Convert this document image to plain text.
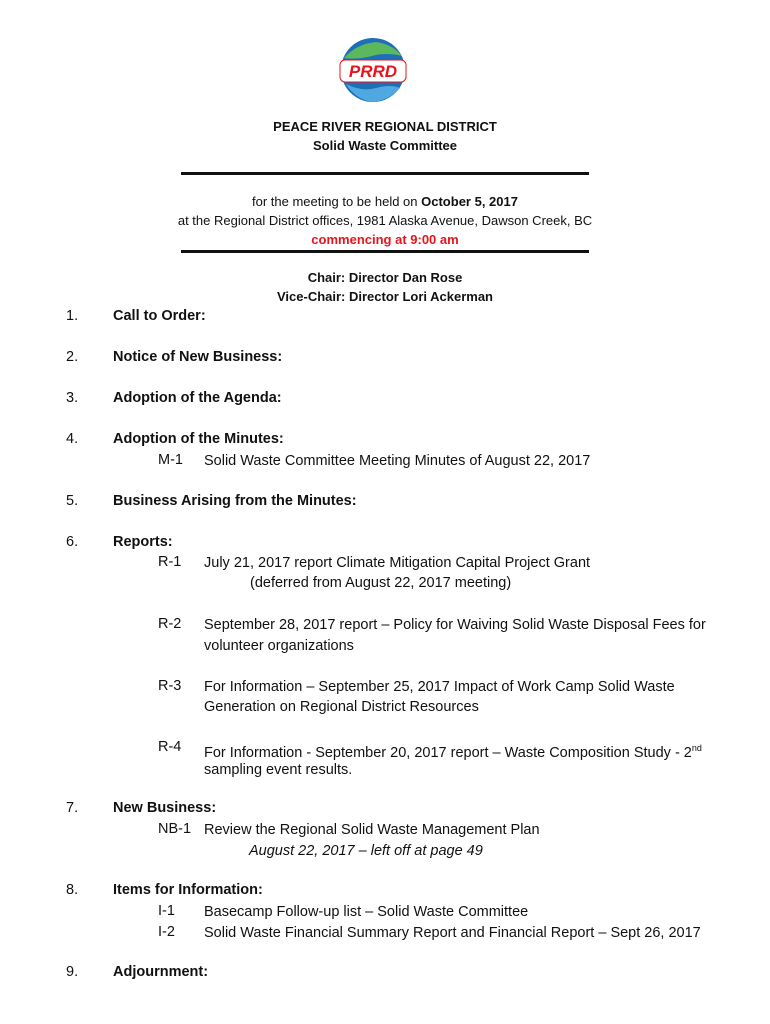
PRRD
PEACE RIVER REGIONAL DISTRICT
Solid Waste Committee
for the meeting to be held on October 5, 2017
at the Regional District offices, 1981 Alaska Avenue, Dawson Creek, BC
commencing at 9:00 am
Chair: Director Dan Rose
Vice-Chair: Director Lori Ackerman
1. Call to Order:
2. Notice of New Business:
3. Adoption of the Agenda:
4. Adoption of the Minutes:
M-1 Solid Waste Committee Meeting Minutes of August 22, 2017
5. Business Arising from the Minutes:
6. Reports:
R-1 July 21, 2017 report Climate Mitigation Capital Project Grant
(deferred from August 22, 2017 meeting)
R-2 September 28, 2017 report – Policy for Waiving Solid Waste Disposal Fees for
volunteer organizations
R-3 For Information – September 25, 2017 Impact of Work Camp Solid Waste
Generation on Regional District Resources
R-4 For Information - September 20, 2017 report – Waste Composition Study - 2nd
sampling event results.
7. New Business:
NB-1 Review the Regional Solid Waste Management Plan
August 22, 2017 – left off at page 49
8. Items for Information:
I-1 Basecamp Follow-up list – Solid Waste Committee
I-2 Solid Waste Financial Summary Report and Financial Report – Sept 26, 2017
9. Adjournment:
